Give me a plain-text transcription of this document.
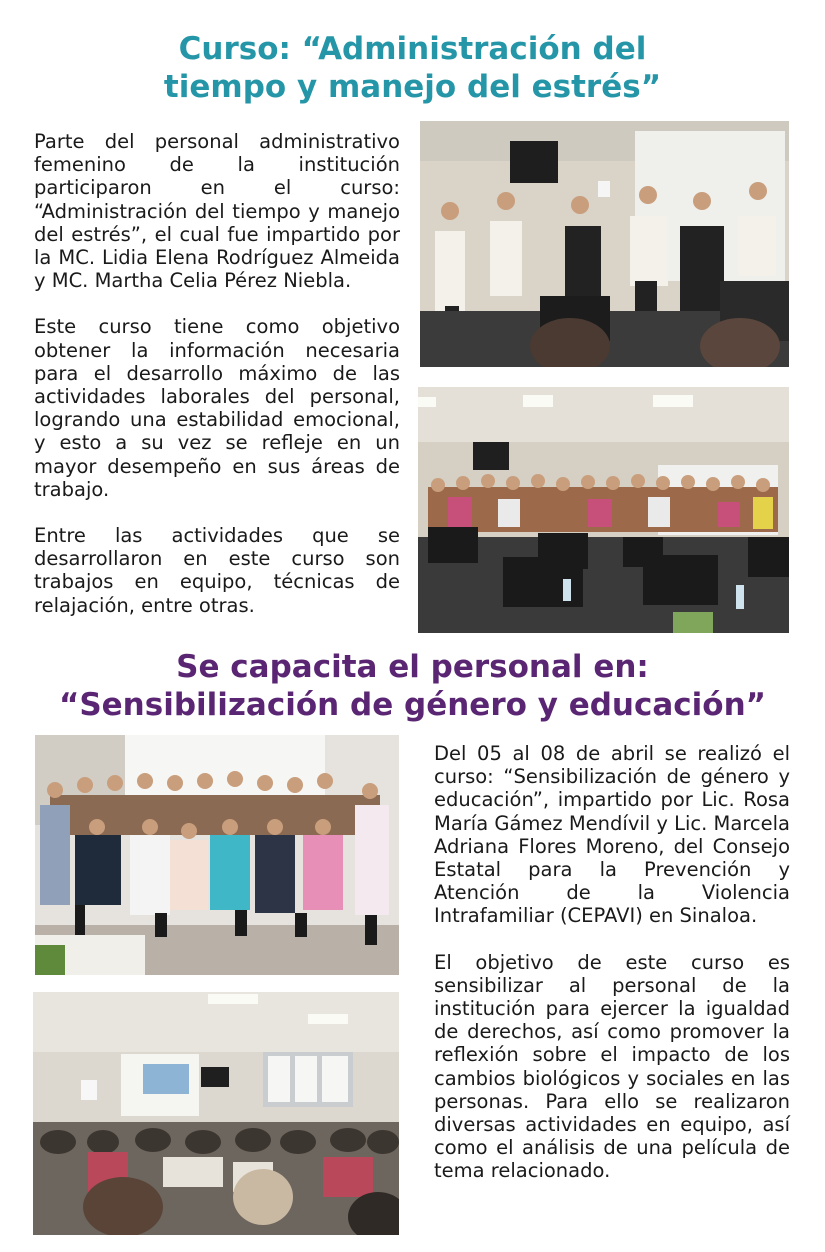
Curso: “Administración del
tiempo y manejo del estrés”

Parte del personal administrativo femenino de la institución participaron en el curso: “Administración del tiempo y manejo del estrés”, el cual fue impartido por la MC. Lidia Elena Rodríguez Almeida y MC. Martha Celia Pérez Niebla.

Este curso tiene como objetivo obtener la información necesaria para el desarrollo máximo de las actividades laborales del personal, logrando una estabilidad emocional, y esto a su vez se refleje en un mayor desempeño en sus áreas de trabajo.

Entre las actividades que se desarrollaron en este curso son trabajos en equipo, técnicas de relajación, entre otras.

Se capacita el personal en:
“Sensibilización de género y educación”

Del 05 al 08 de abril se realizó el curso: “Sensibilización de género y educación”, impartido por Lic. Rosa María Gámez Mendívil y Lic. Marcela Adriana Flores Moreno, del Consejo Estatal para la Prevención y Atención de la Violencia Intrafamiliar (CEPAVI) en Sinaloa.

El objetivo de este curso es sensibilizar al personal de la institución para ejercer la igualdad de derechos, así como promover la reflexión sobre el impacto de los cambios biológicos y sociales en las personas. Para ello se realizaron diversas actividades en equipo, así como el análisis de una película de tema relacionado.
